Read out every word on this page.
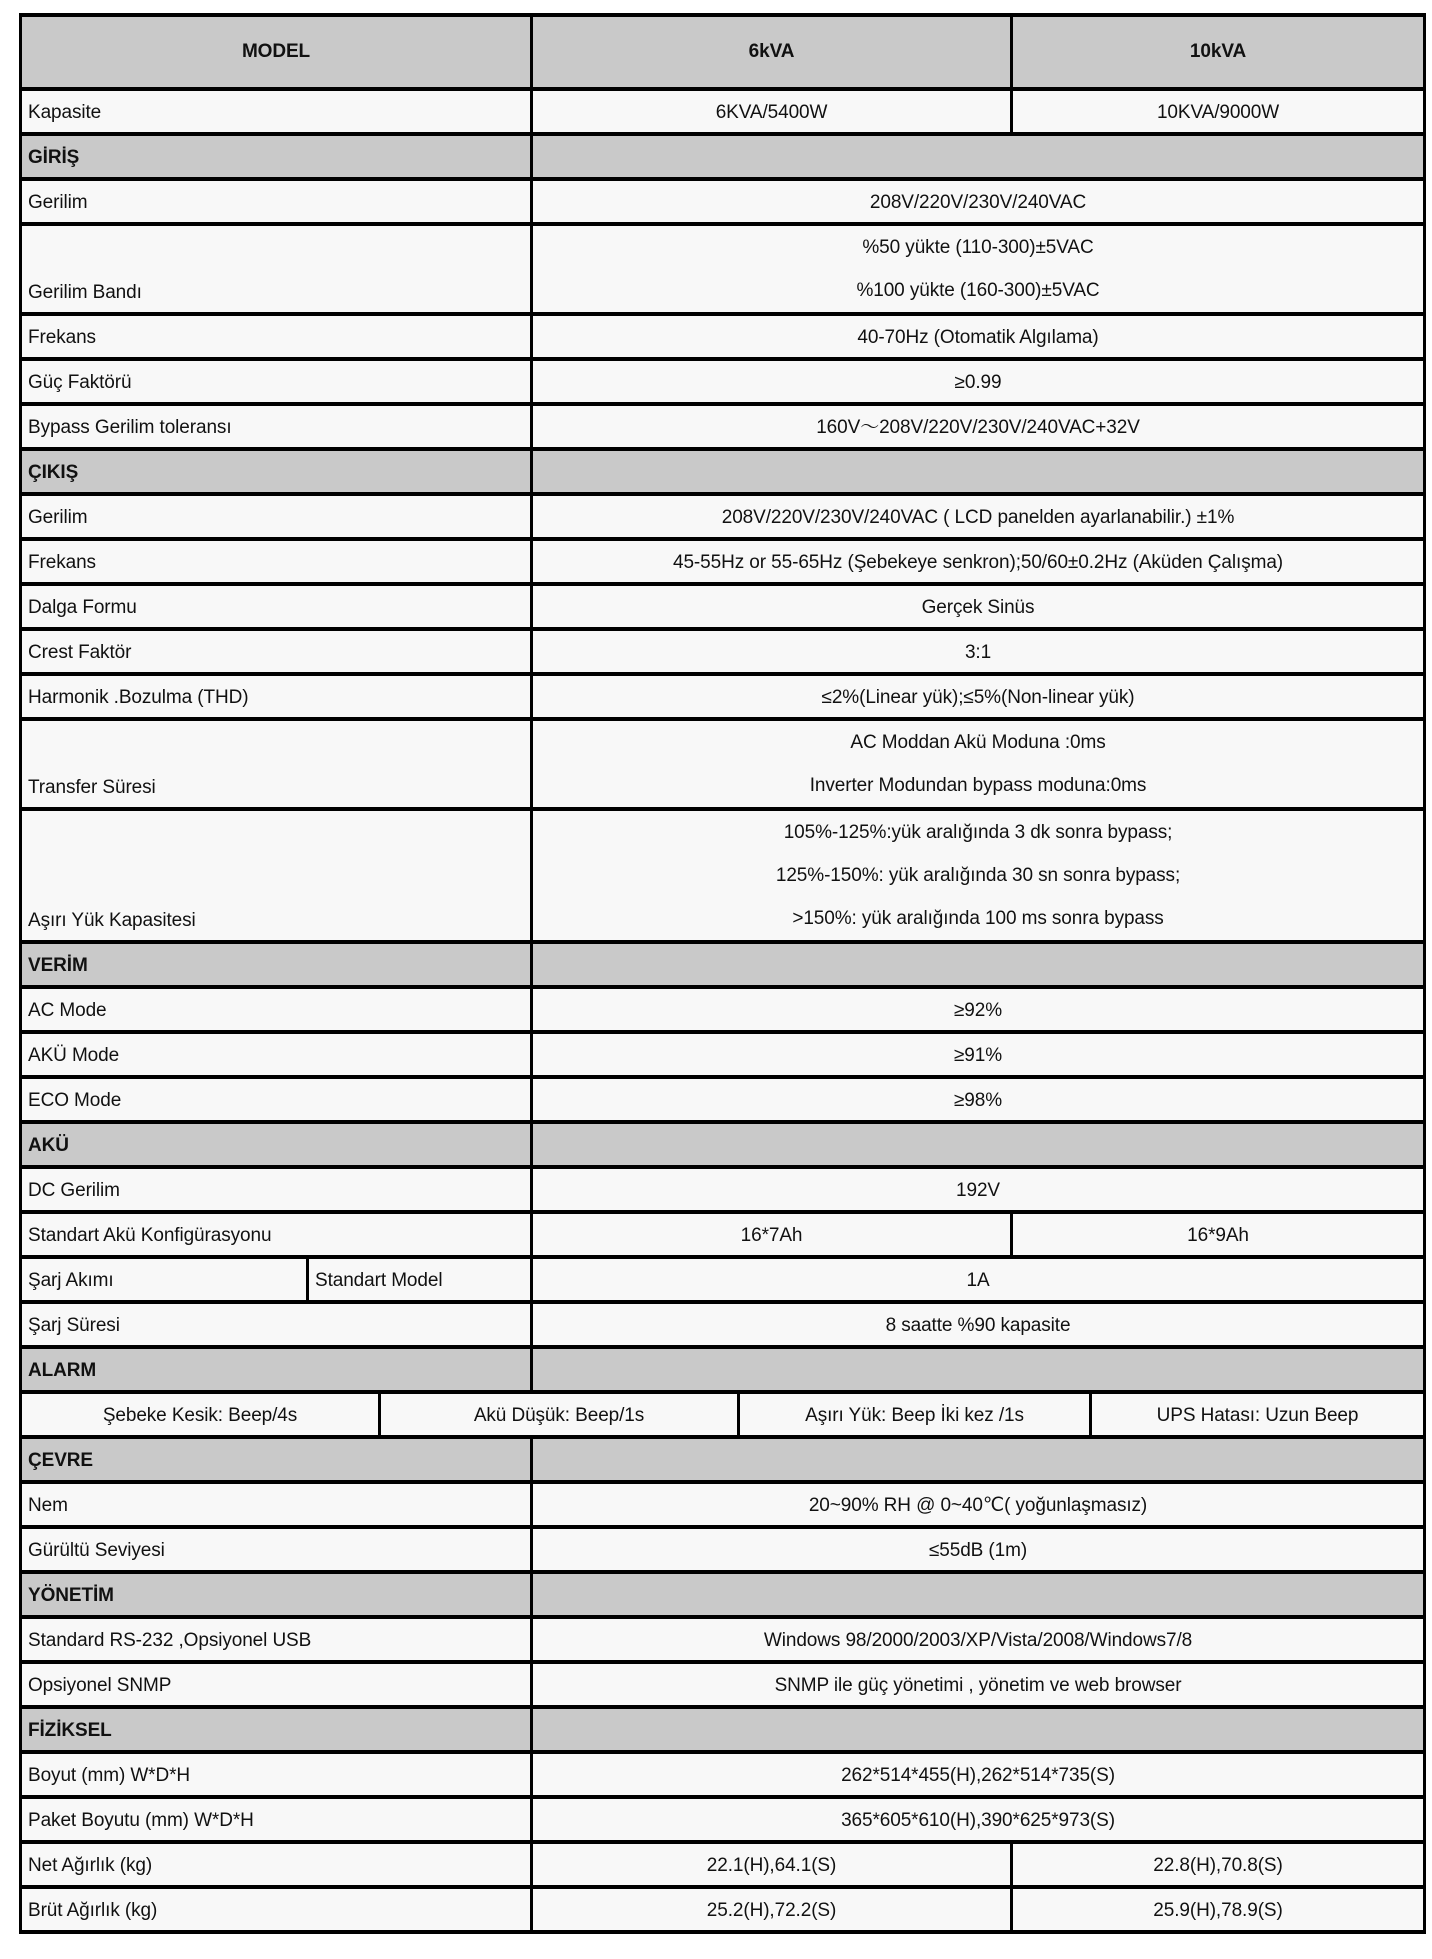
MODEL			6kVA		10kVA	
Kapasite			6KVA/5400W		10KVA/9000W	
GİRİŞ						
Gerilim			208V/220V/230V/240VAC			
Gerilim Bandı			%50 yükte (110-300)±5VAC
%100 yükte (160-300)±5VAC			

Frekans			40-70Hz (Otomatik Algılama)			
Güç Faktörü			≥0.99			
Bypass Gerilim toleransı			160V～208V/220V/230V/240VAC+32V			
ÇIKIŞ						
Gerilim			208V/220V/230V/240VAC ( LCD panelden ayarlanabilir.) ±1%			
Frekans			45-55Hz or 55-65Hz (Şebekeye senkron);50/60±0.2Hz (Aküden Çalışma)			
Dalga Formu			Gerçek Sinüs			
Crest Faktör			3:1			
Harmonik .Bozulma (THD)			≤2%(Linear yük);≤5%(Non-linear yük)			
Transfer Süresi			AC Moddan Akü Moduna :0ms
Inverter Modundan bypass moduna:0ms			

Aşırı Yük Kapasitesi			105%-125%:yük aralığında 3 dk sonra bypass;
125%-150%: yük aralığında 30 sn sonra bypass;
>150%: yük aralığında 100 ms sonra bypass			

VERİM						
AC Mode			≥92%			
AKÜ Mode			≥91%			
ECO Mode			≥98%			
AKÜ						
DC Gerilim			192V			
Standart Akü Konfigürasyonu			16*7Ah		16*9Ah	
Şarj Akımı	Standart Model		1A			
Şarj Süresi			8 saatte %90 kapasite			
ALARM						
Şebeke Kesik: Beep/4s		Akü Düşük: Beep/1s		Aşırı Yük: Beep İki kez /1s		UPS Hatası: Uzun Beep
ÇEVRE						
Nem			20~90% RH @ 0~40℃( yoğunlaşmasız)			
Gürültü Seviyesi			≤55dB (1m)			
YÖNETİM						
Standard RS-232 ,Opsiyonel USB			Windows 98/2000/2003/XP/Vista/2008/Windows7/8			
Opsiyonel SNMP			SNMP ile güç yönetimi , yönetim ve web browser			
FİZİKSEL						
Boyut (mm) W*D*H			262*514*455(H),262*514*735(S)			
Paket Boyutu (mm) W*D*H			365*605*610(H),390*625*973(S)			
Net Ağırlık (kg)			22.1(H),64.1(S)		22.8(H),70.8(S)	
Brüt Ağırlık (kg)			25.2(H),72.2(S)		25.9(H),78.9(S)	
